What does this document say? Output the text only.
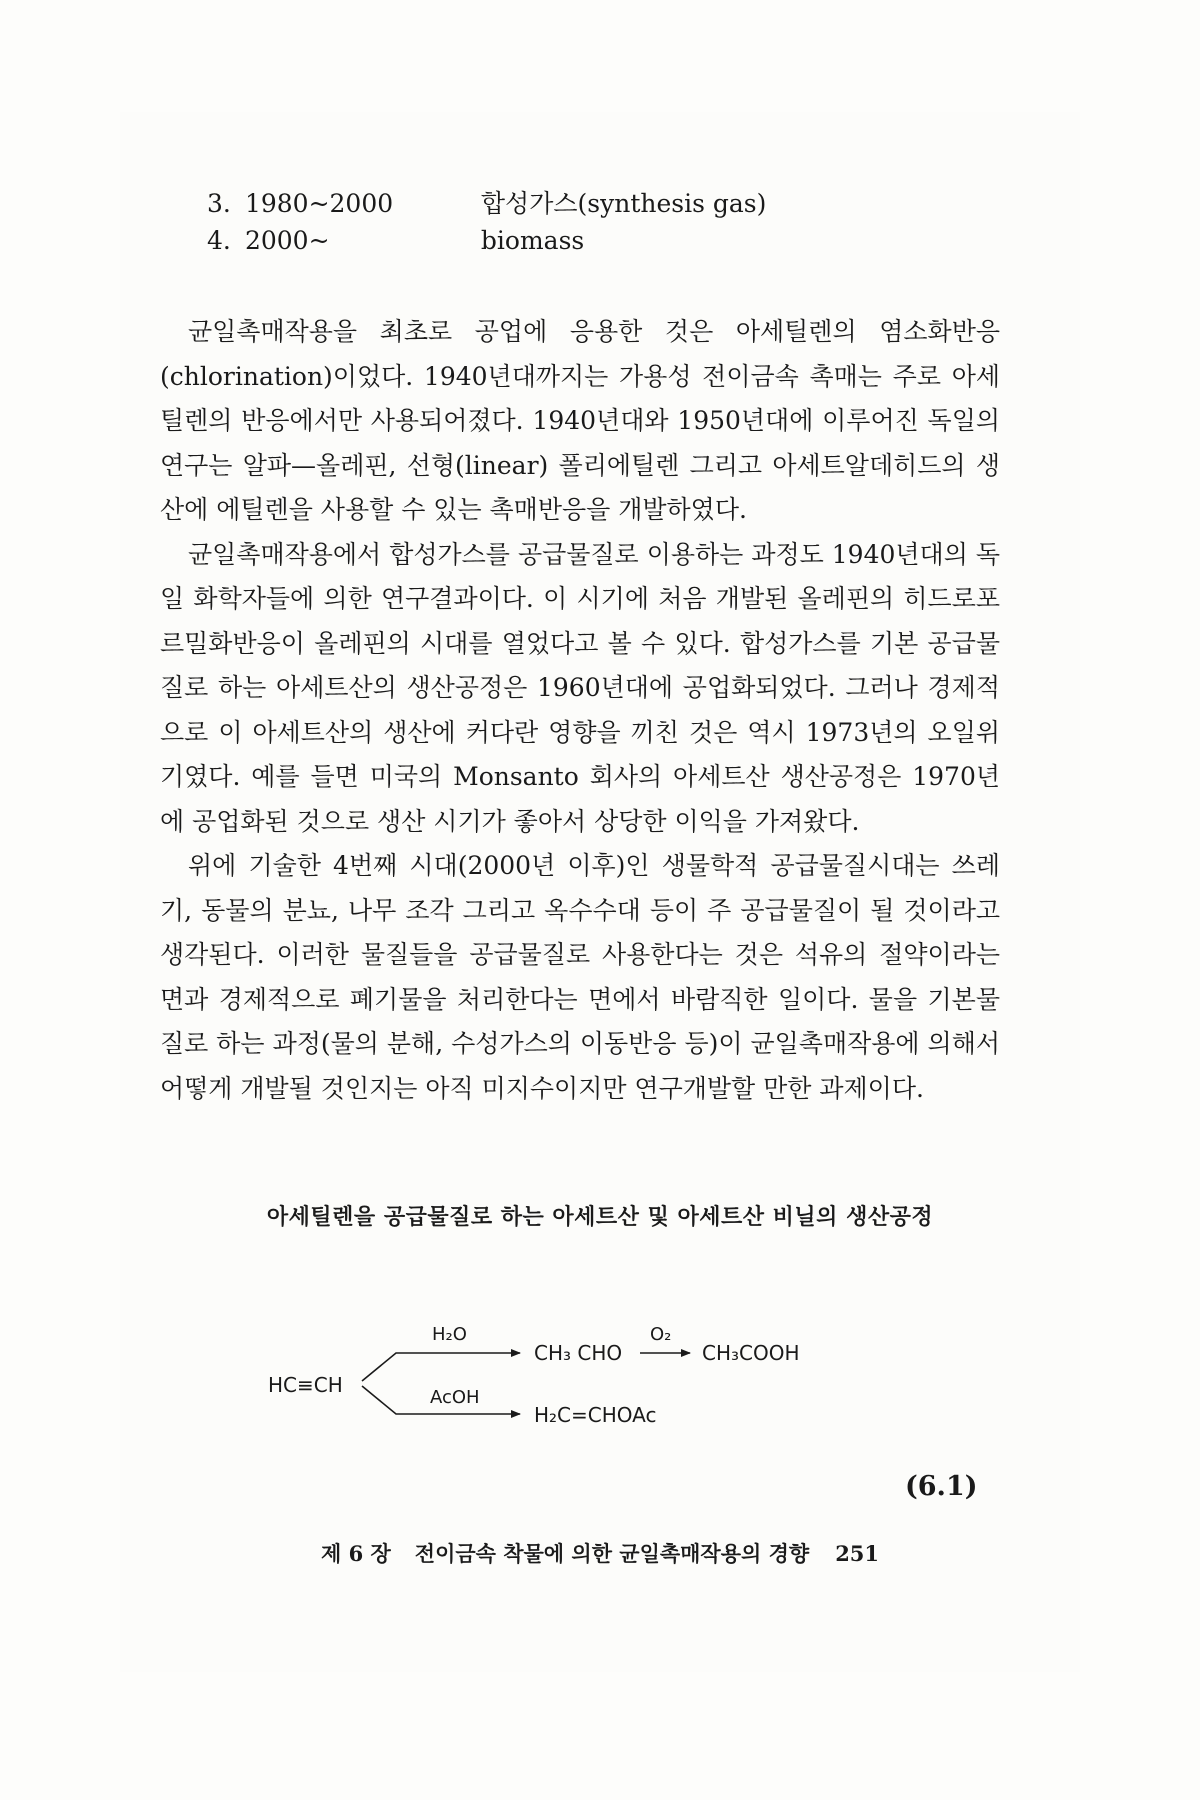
3. 1980~2000	합성가스(synthesis gas)
4. 2000~	biomass

균일촉매작용을 최초로 공업에 응용한 것은 아세틸렌의 염소화반응(chlorination)이었다. 1940년대까지는 가용성 전이금속 촉매는 주로 아세틸렌의 반응에서만 사용되어졌다. 1940년대와 1950년대에 이루어진 독일의 연구는 알파—올레핀, 선형(linear) 폴리에틸렌 그리고 아세트알데히드의 생산에 에틸렌을 사용할 수 있는 촉매반응을 개발하였다.

균일촉매작용에서 합성가스를 공급물질로 이용하는 과정도 1940년대의 독일 화학자들에 의한 연구결과이다. 이 시기에 처음 개발된 올레핀의 히드로포르밀화반응이 올레핀의 시대를 열었다고 볼 수 있다. 합성가스를 기본 공급물질로 하는 아세트산의 생산공정은 1960년대에 공업화되었다. 그러나 경제적으로 이 아세트산의 생산에 커다란 영향을 끼친 것은 역시 1973년의 오일위기였다. 예를 들면 미국의 Monsanto 회사의 아세트산 생산공정은 1970년에 공업화된 것으로 생산 시기가 좋아서 상당한 이익을 가져왔다.

위에 기술한 4번째 시대(2000년 이후)인 생물학적 공급물질시대는 쓰레기, 동물의 분뇨, 나무 조각 그리고 옥수수대 등이 주 공급물질이 될 것이라고 생각된다. 이러한 물질들을 공급물질로 사용한다는 것은 석유의 절약이라는 면과 경제적으로 폐기물을 처리한다는 면에서 바람직한 일이다. 물을 기본물질로 하는 과정(물의 분해, 수성가스의 이동반응 등)이 균일촉매작용에 의해서 어떻게 개발될 것인지는 아직 미지수이지만 연구개발할 만한 과제이다.

아세틸렌을 공급물질로 하는 아세트산 및 아세트산 비닐의 생산공정
HC≡CH
H₂O
CH₃ CHO
O₂
CH₃COOH
AcOH
H₂C=CHOAc
(6.1)
제 6 장 전이금속 착물에 의한 균일촉매작용의 경향 251
